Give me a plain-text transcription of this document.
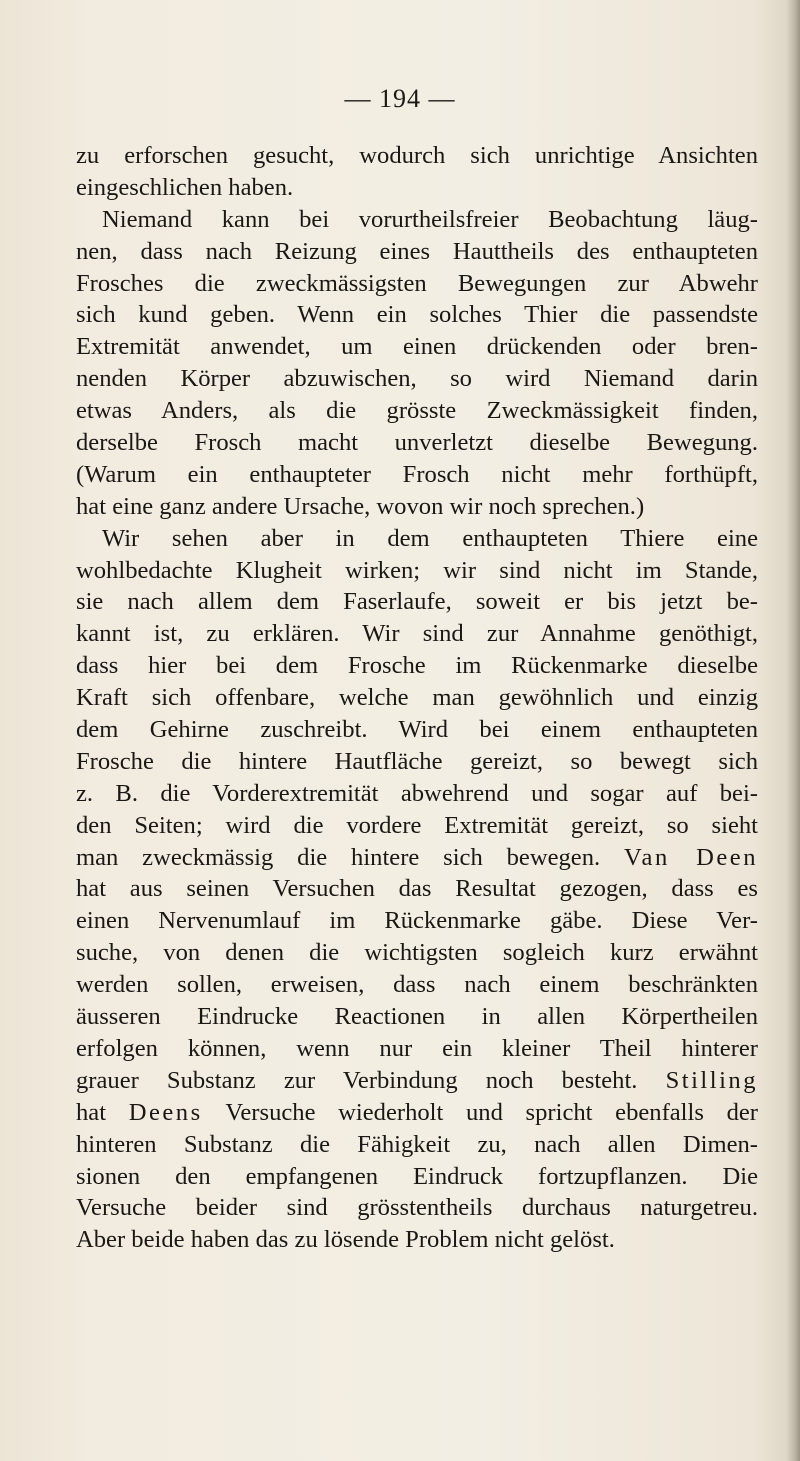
— 194 —
zu erforschen gesucht, wodurch sich unrichtige Ansichten
eingeschlichen haben.
Niemand kann bei vorurtheilsfreier Beobachtung läug-
nen, dass nach Reizung eines Hauttheils des enthaupteten
Frosches die zweckmässigsten Bewegungen zur Abwehr
sich kund geben. Wenn ein solches Thier die passendste
Extremität anwendet, um einen drückenden oder bren-
nenden Körper abzuwischen, so wird Niemand darin
etwas Anders, als die grösste Zweckmässigkeit finden,
derselbe Frosch macht unverletzt dieselbe Bewegung.
(Warum ein enthaupteter Frosch nicht mehr forthüpft,
hat eine ganz andere Ursache, wovon wir noch sprechen.)
Wir sehen aber in dem enthaupteten Thiere eine
wohlbedachte Klugheit wirken; wir sind nicht im Stande,
sie nach allem dem Faserlaufe, soweit er bis jetzt be-
kannt ist, zu erklären. Wir sind zur Annahme genöthigt,
dass hier bei dem Frosche im Rückenmarke dieselbe
Kraft sich offenbare, welche man gewöhnlich und einzig
dem Gehirne zuschreibt. Wird bei einem enthaupteten
Frosche die hintere Hautfläche gereizt, so bewegt sich
z. B. die Vorderextremität abwehrend und sogar auf bei-
den Seiten; wird die vordere Extremität gereizt, so sieht
man zweckmässig die hintere sich bewegen. Van Deen
hat aus seinen Versuchen das Resultat gezogen, dass es
einen Nervenumlauf im Rückenmarke gäbe. Diese Ver-
suche, von denen die wichtigsten sogleich kurz erwähnt
werden sollen, erweisen, dass nach einem beschränkten
äusseren Eindrucke Reactionen in allen Körpertheilen
erfolgen können, wenn nur ein kleiner Theil hinterer
grauer Substanz zur Verbindung noch besteht. Stilling
hat Deens Versuche wiederholt und spricht ebenfalls der
hinteren Substanz die Fähigkeit zu, nach allen Dimen-
sionen den empfangenen Eindruck fortzupflanzen. Die
Versuche beider sind grösstentheils durchaus naturgetreu.
Aber beide haben das zu lösende Problem nicht gelöst.
